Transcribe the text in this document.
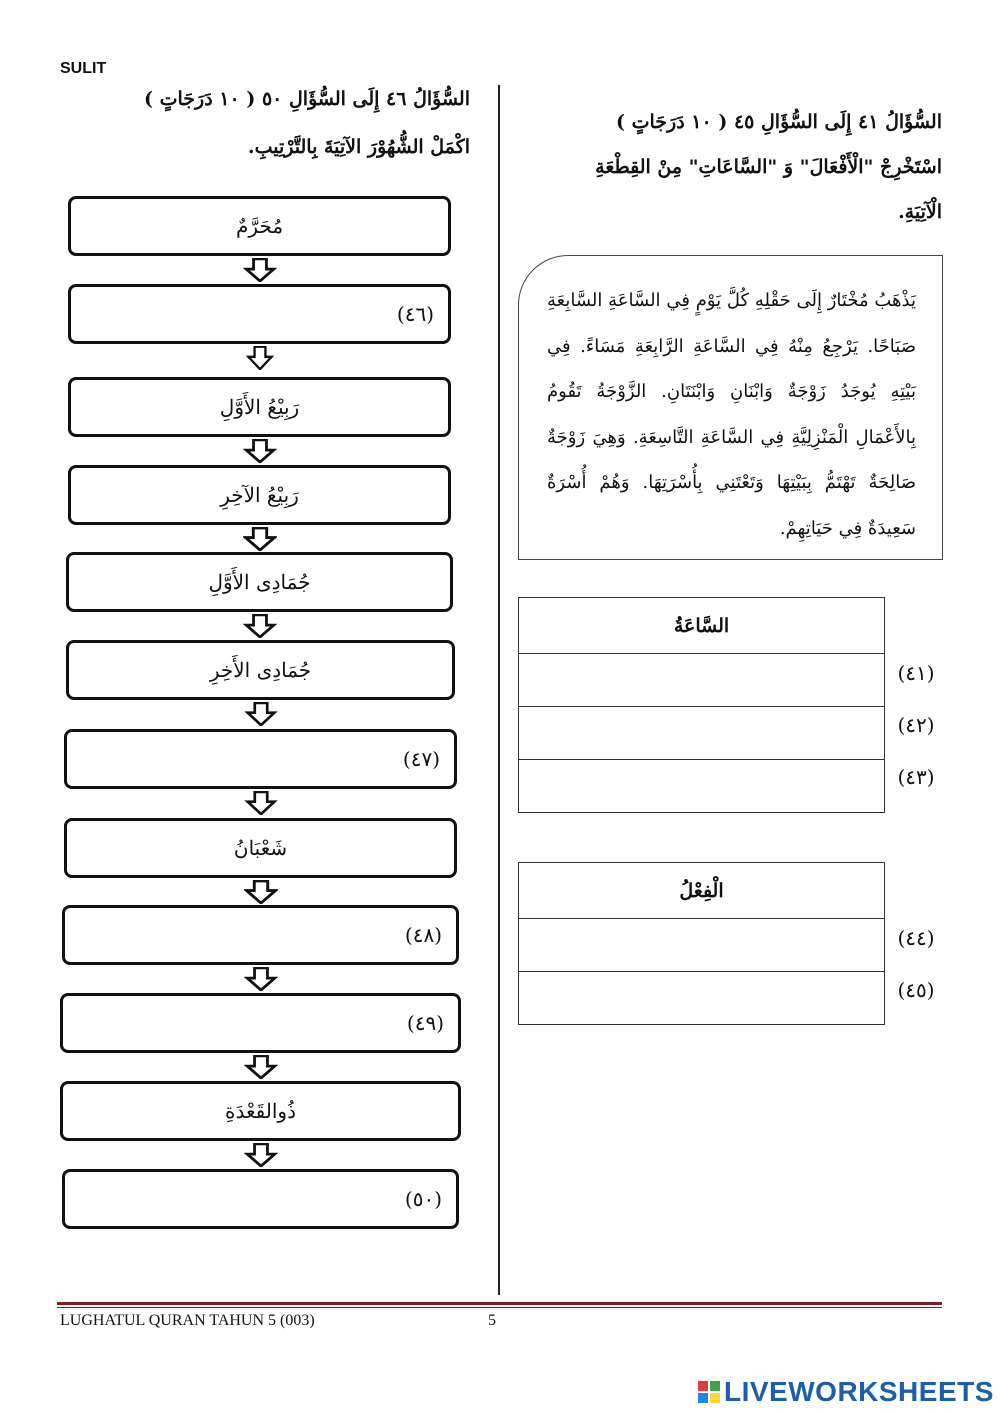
SULIT
السُّؤَالُ ٤٦ إِلَى السُّؤَالِ ٥٠ ( ١٠ دَرَجَاتٍ )
اكْمَلْ الشُّهُوْرَ الآتِيَةَ بِالتَّرْتِيبِ.
مُحَرَّمٌ
(٤٦)
رَبِيْعُ الأَوَّلِ
رَبِيْعُ الآخِرِ
جُمَادِى الأَوَّلِ
جُمَادِى الأَخِرِ
(٤٧)
شَعْبَانُ
(٤٨)
(٤٩)
ذُوالقَعْدَةِ
(٥٠)
السُّؤَالُ ٤١ إِلَى السُّؤَالِ ٤٥ ( ١٠ دَرَجَاتٍ )
اسْتَخْرِجْ "الْأَفْعَالَ" وَ "السَّاعَاتِ" مِنْ القِطْعَةِ
الْآتِيَةِ.
يَذْهَبُ مُخْتَارٌ إِلَى حَقْلِهِ كُلَّ يَوْمٍ فِي السَّاعَةِ السَّابِعَةِ صَبَاحًا. يَرْجِعُ مِنْهُ فِي السَّاعَةِ الرَّابِعَةِ مَسَاءً. فِي بَيْتِهِ يُوجَدُ زَوْجَةٌ وَابْنَانِ وَابْنَتَانِ. الزَّوْجَةُ تَقُومُ بِالأَعْمَالِ الْمَنْزِلِيَّةِ فِي السَّاعَةِ التَّاسِعَةِ. وَهِيَ زَوْجَةٌ صَالِحَةٌ تَهْتَمُّ بِبَيْتِهَا وَتَعْتَنِي بِأُسْرَتِهَا. وَهُمْ أُسْرَةٌ سَعِيدَةٌ فِي حَيَاتِهِمْ.
السَّاعَةُ
(٤١)
(٤٢)
(٤٣)
الْفِعْلُ
(٤٤)
(٤٥)
LUGHATUL QURAN TAHUN 5 (003)	5
LIVEWORKSHEETS
